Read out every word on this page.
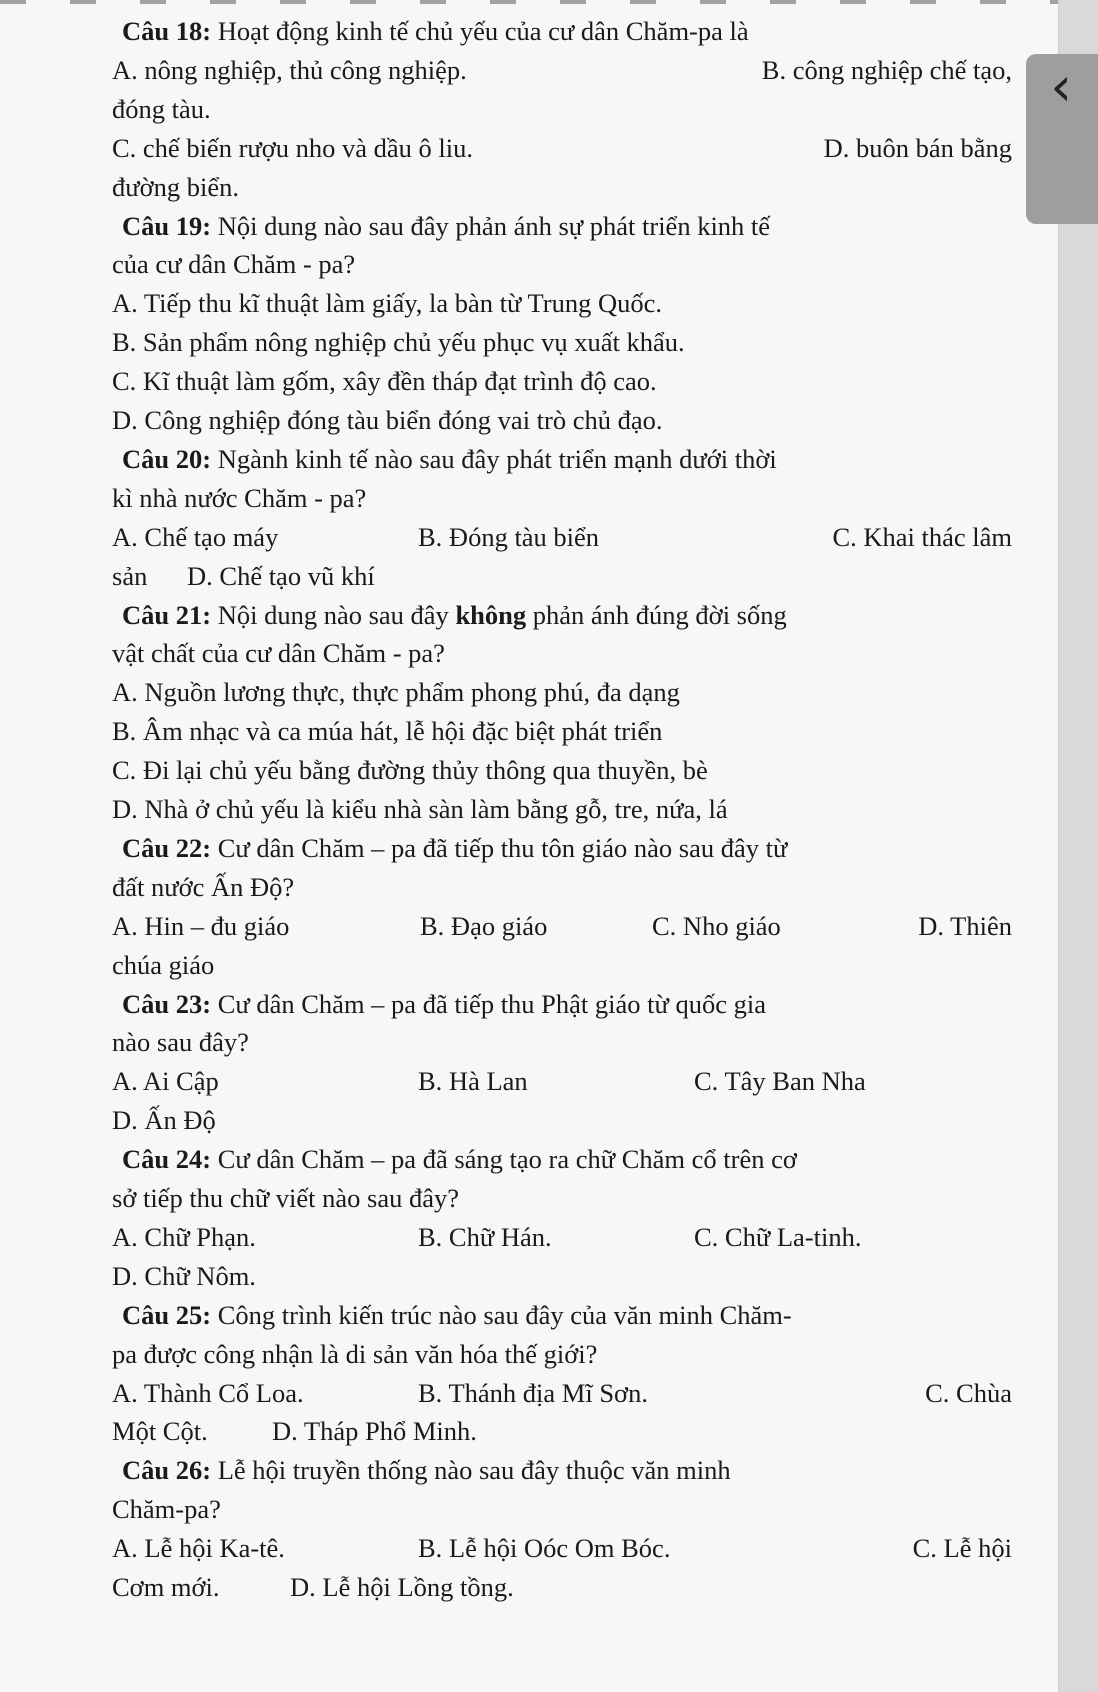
Câu 18: Hoạt động kinh tế chủ yếu của cư dân Chăm-pa là
A. nông nghiệp, thủ công nghiệp.	B. công nghiệp chế tạo,
đóng tàu.
C. chế biến rượu nho và dầu ô liu.	D. buôn bán bằng
đường biển.
Câu 19: Nội dung nào sau đây phản ánh sự phát triển kinh tế
của cư dân Chăm - pa?
A. Tiếp thu kĩ thuật làm giấy, la bàn từ Trung Quốc.
B. Sản phẩm nông nghiệp chủ yếu phục vụ xuất khẩu.
C. Kĩ thuật làm gốm, xây đền tháp đạt trình độ cao.
D. Công nghiệp đóng tàu biển đóng vai trò chủ đạo.
Câu 20: Ngành kinh tế nào sau đây phát triển mạnh dưới thời
kì nhà nước Chăm - pa?
A. Chế tạo máy	B. Đóng tàu biển	C. Khai thác lâm
sản D. Chế tạo vũ khí
Câu 21: Nội dung nào sau đây không phản ánh đúng đời sống
vật chất của cư dân Chăm - pa?
A. Nguồn lương thực, thực phẩm phong phú, đa dạng
B. Âm nhạc và ca múa hát, lễ hội đặc biệt phát triển
C. Đi lại chủ yếu bằng đường thủy thông qua thuyền, bè
D. Nhà ở chủ yếu là kiểu nhà sàn làm bằng gỗ, tre, nứa, lá
Câu 22: Cư dân Chăm – pa đã tiếp thu tôn giáo nào sau đây từ
đất nước Ấn Độ?
A. Hin – đu giáo	B. Đạo giáo	C. Nho giáo	D. Thiên
chúa giáo
Câu 23: Cư dân Chăm – pa đã tiếp thu Phật giáo từ quốc gia
nào sau đây?
A. Ai Cập	B. Hà Lan	C. Tây Ban Nha
D. Ấn Độ
Câu 24: Cư dân Chăm – pa đã sáng tạo ra chữ Chăm cổ trên cơ
sở tiếp thu chữ viết nào sau đây?
A. Chữ Phạn.	B. Chữ Hán.	C. Chữ La-tinh.
D. Chữ Nôm.
Câu 25: Công trình kiến trúc nào sau đây của văn minh Chăm-
pa được công nhận là di sản văn hóa thế giới?
A. Thành Cổ Loa.	B. Thánh địa Mĩ Sơn.	C. Chùa
Một Cột. D. Tháp Phổ Minh.
Câu 26: Lễ hội truyền thống nào sau đây thuộc văn minh
Chăm-pa?
A. Lễ hội Ka-tê.	B. Lễ hội Oóc Om Bóc.	C. Lễ hội
Cơm mới.	D. Lễ hội Lồng tồng.
‹
